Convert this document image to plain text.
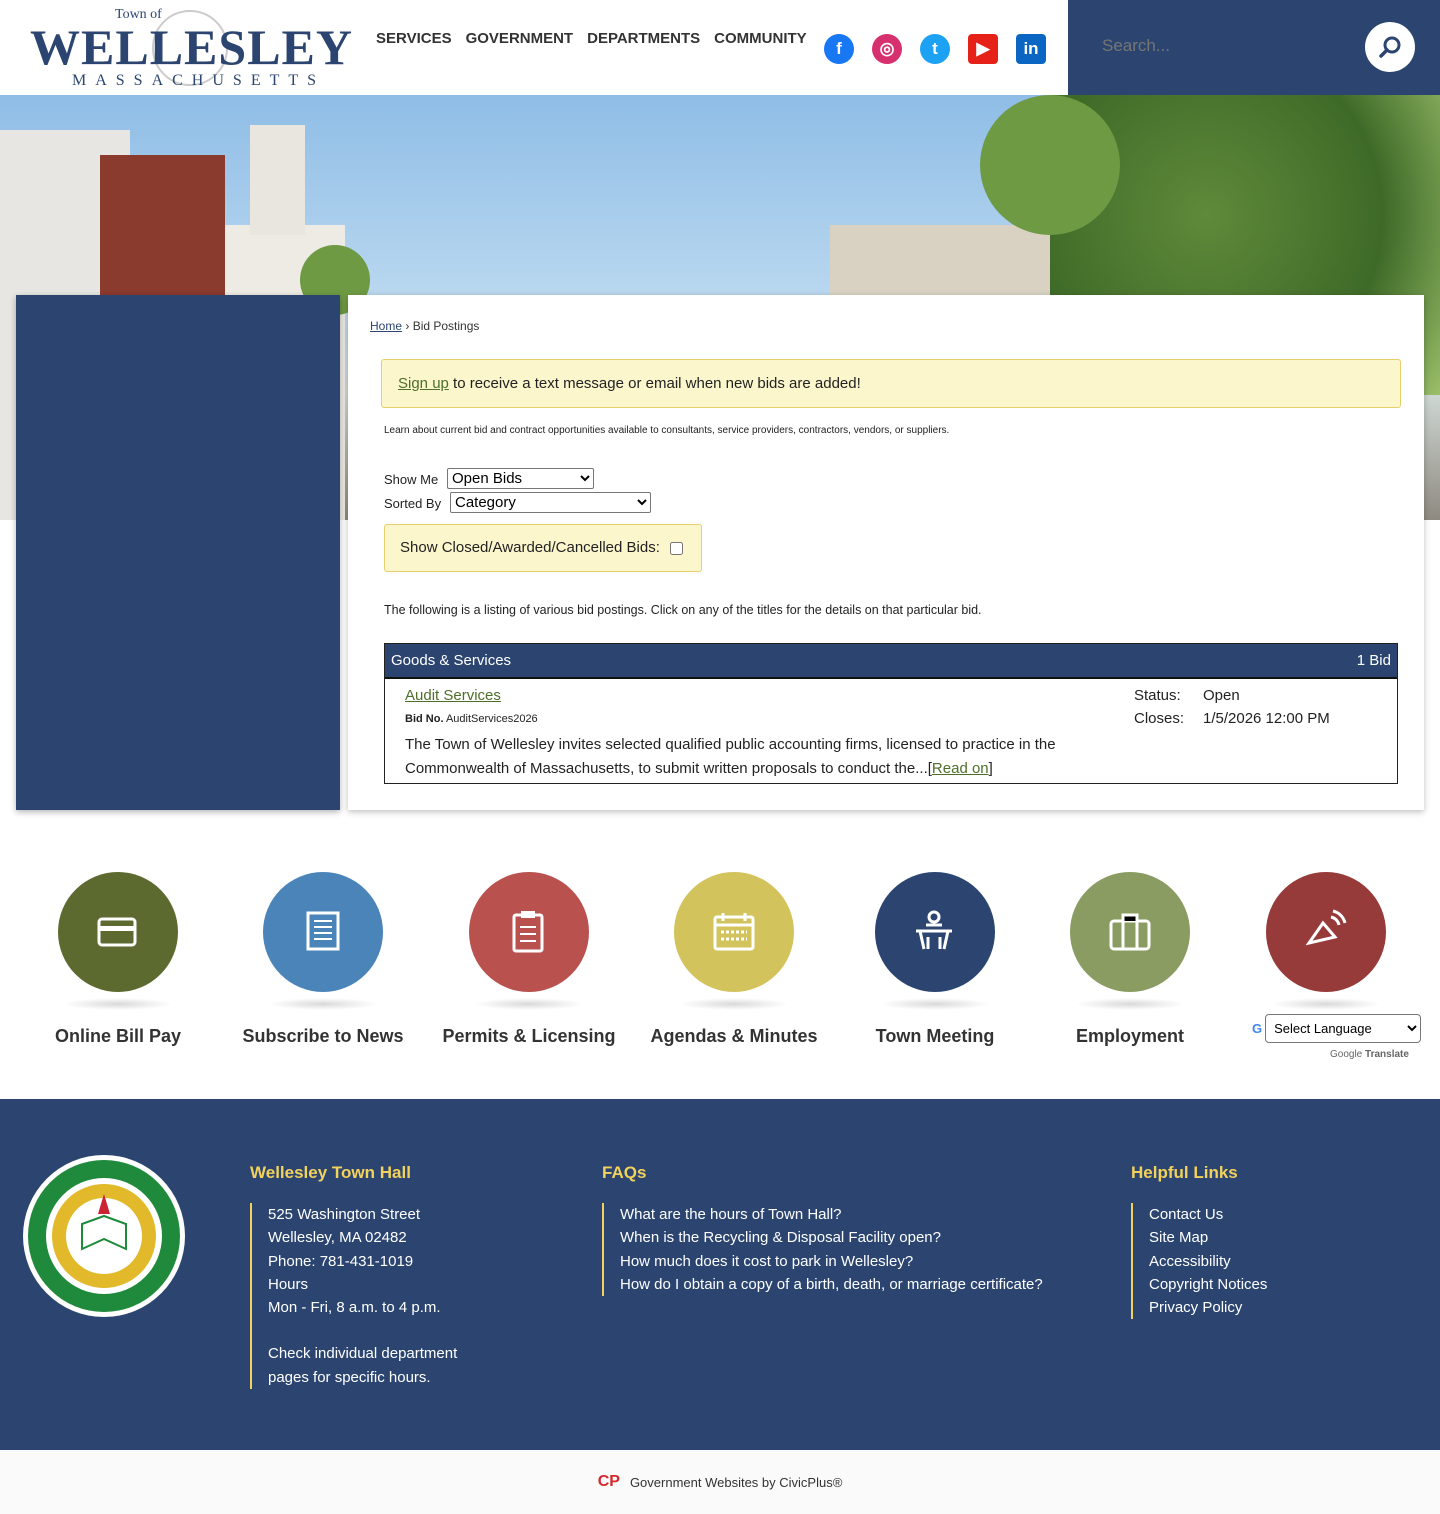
Town of
WELLESLEY
MASSACHUSETTS
SERVICES GOVERNMENT DEPARTMENTS COMMUNITY
f	◎	t	▶	in
Search...
Home › Bid Postings
Sign up to receive a text message or email when new bids are added!
Learn about current bid and contract opportunities available to consultants, service providers, contractors, vendors, or suppliers.
Show Me
Open Bids
Sorted By
Category
Show Closed/Awarded/Cancelled Bids:
The following is a listing of various bid postings. Click on any of the titles for the details on that particular bid.
Goods & Services	1 Bid
Audit Services
Bid No. AuditServices2026
The Town of Wellesley invites selected qualified public accounting firms, licensed to practice in the Commonwealth of Massachusetts, to submit written proposals to conduct the...[Read on]
Status: Open
Closes: 1/5/2026 12:00 PM
Online Bill Pay	Subscribe to News	Permits & Licensing	Agendas & Minutes	Town Meeting	Employment	G
Select Language
Google Translate
Wellesley Town Hall
525 Washington Street
Wellesley, MA 02482
Phone: 781-431-1019
Hours
Mon - Fri, 8 a.m. to 4 p.m.
Check individual department
pages for specific hours.
FAQs
What are the hours of Town Hall?
When is the Recycling & Disposal Facility open?
How much does it cost to park in Wellesley?
How do I obtain a copy of a birth, death, or marriage certificate?
Helpful Links
Contact Us
Site Map
Accessibility
Copyright Notices
Privacy Policy
CP Government Websites by CivicPlus®
